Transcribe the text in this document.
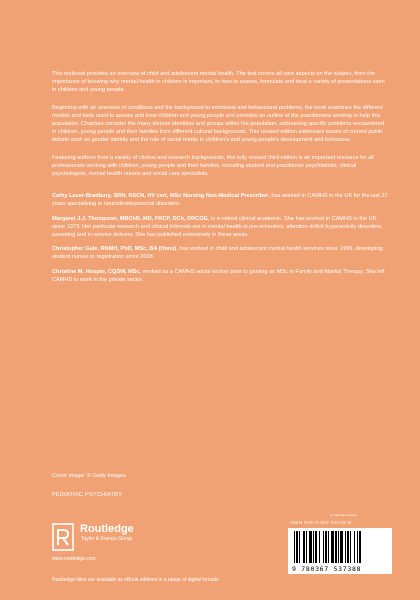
This textbook provides an overview of child and adolescent mental health. The text covers all core aspects on the subject, from the importance of knowing why mental health in children is important, to how to assess, formulate and treat a variety of presentations seen in children and young people.

Beginning with an overview of conditions and the background to emotional and behavioural problems, the book examines the different models and tools used to assess and treat children and young people and provides an outline of the practitioners working to help this population. Chapters consider the many diverse identities and groups within the population, addressing specific problems encountered in children, young people and their families from different cultural backgrounds. This revised edition addresses issues of current public debate such as gender identity and the role of social media in children's and young people's development and behaviour.

Featuring authors from a variety of clinical and research backgrounds, this fully revised third edition is an important resource for all professionals working with children, young people and their families, including student and practitioner psychiatrists, clinical psychologists, mental health nurses and social care specialists.

Cathy Laver-Bradbury, SRN, RSCN, HV cert, MSc Nursing Non-Medical Prescriber, has worked in CAMHS in the UK for the last 27 years specialising in neurodevelopmental disorders.

Margaret J.J. Thompson, MBChB, MD, FRCP, DCh, DRCOG, is a retired clinical academic. She has worked in CAMHS in the UK since 1973. Her particular research and clinical interests are in mental health in pre-schoolers, attention deficit hyperactivity disorders, parenting and in-service delivery. She has published extensively in these areas.

Christopher Gale, RNMH, PhD, MSc, BA (Hons), has worked in child and adolescent mental health services since 1999, developing student nurses to registration since 2008.

Christine M. Hooper, CQSW, MSc, worked as a CAMHS social worker prior to gaining an MSc in Family and Marital Therapy. She left CAMHS to work in the private sector.

Cover image: © Getty Images
PEDIATRIC PSYCHIATRY
Routledge
Taylor & Francis Group
www.routledge.com
Routledge titles are available as eBook editions in a range of digital formats
an informa business
ISBN 978-0-367-53738-8
9 780367 537388
